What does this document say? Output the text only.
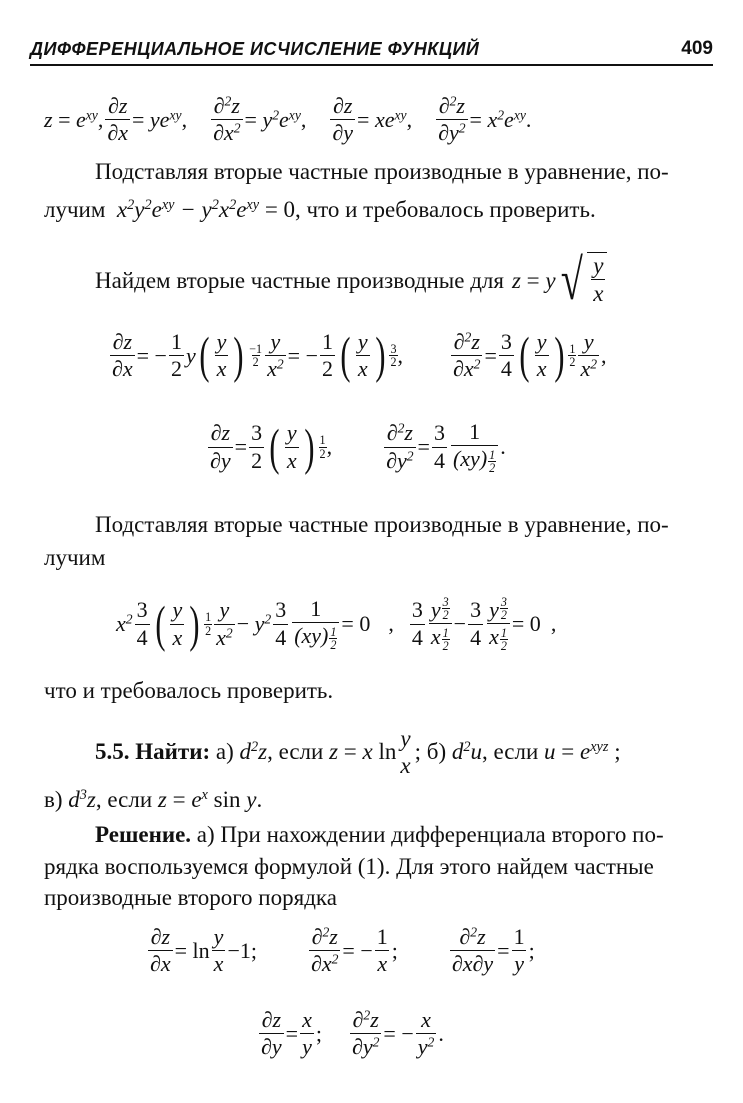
ДИФФЕРЕНЦИАЛЬНОЕ ИСЧИСЛЕНИЕ ФУНКЦИЙ	409
$z = e^{xy}$ , $\frac{\partial z}{\partial x} = ye^{xy}$ , $\frac{\partial^2z}{\partial x^2} = y^2e^{xy}$ , $\frac{\partial z}{\partial y} = xe^{xy}$ , $\frac{\partial^2z}{\partial y^2} = x^2e^{xy}$ .
Подставляя вторые частные производные в уравнение, по-
лучим  $x^2y^2e^{xy} - y^2x^2e^{xy} = 0$, что и требовалось проверить.
Найдем вторые частные производные для z = y √ $\frac{y}{x}$
$\frac{\partial z}{\partial x}$ = − $\frac{1}{2}$ y ( $\frac{y}{x}$ ) −1
$2 \frac{y}{x^2}$ = − $\frac{1}{2}$ ( $\frac{y}{x}$ ) 3
2 , $\frac{\partial^2z}{\partial x^2} = \frac{3}{4}$ ( $\frac{y}{x}$ ) 1
$2 \frac{y}{x^2}$ ,
$\frac{\partial z}{\partial y} = \frac{3}{2}$ ( $\frac{y}{x}$ ) 1
2 , $\frac{\partial^2z}{\partial y^2} = \frac{3}{4} \frac{1}{(xy) \frac{1}{2}}$ .
Подставляя вторые частные производные в уравнение, по-
лучим
$x^2 \frac{3}{4}$ ( $\frac{y}{x}$ ) 1
$2 \frac{y}{x^2} - y^2 \frac{3}{4} \frac{1}{(xy) \frac{1}{2}} = 0$
, $\frac{3}{4} \frac{y \frac{3}{2}}{x \frac{1}{2}} - \frac{3}{4} \frac{y \frac{3}{2}}{x \frac{1}{2}} = 0$
,
что и требовалось проверить.
5.5.
Найти:
а)
$d^2z$ , если
z = x ln
y
x
; б)
$d^2u$ , если
$u = e^{xyz}$
;
в) $d^3z$, если $z = e^x$ sin y.
Решение. а) При нахождении дифференциала второго по-
рядка воспользуемся формулой (1). Для этого найдем частные
производные второго порядка
$\frac{\partial z}{\partial x} = \ln \frac{y}{x} -1$; $\frac{\partial^2z}{\partial x^2}$ = − $\frac{1}{x}$ ; $\frac{\partial^2z}{\partial x\partial y} = \frac{1}{y}$ ;
$\frac{\partial z}{\partial y} = \frac{x}{y}$ ; $\frac{\partial^2z}{\partial y^2}$ = − $\frac{x}{y^2}$ .
